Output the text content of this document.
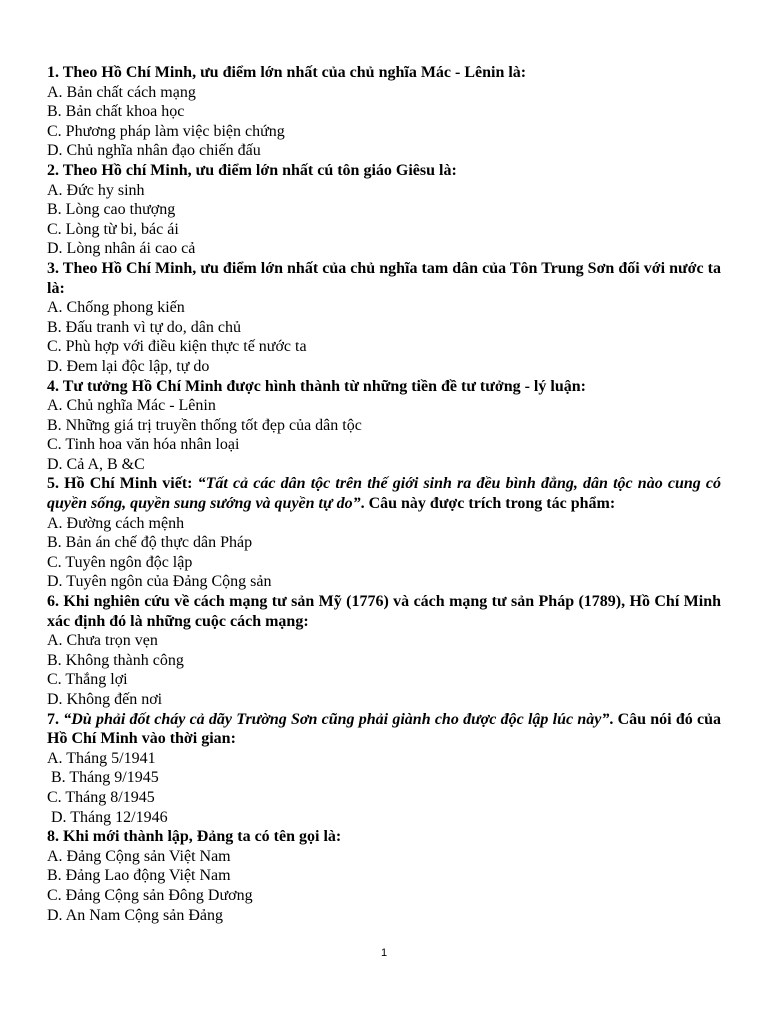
1. Theo Hồ Chí Minh, ưu điểm lớn nhất của chủ nghĩa Mác - Lênin là:
A. Bản chất cách mạng
B. Bản chất khoa học
C. Phương pháp làm việc biện chứng
D. Chủ nghĩa nhân đạo chiến đấu
2. Theo Hồ chí Minh, ưu điểm lớn nhất cú tôn giáo Giêsu là:
A. Đức hy sinh
B. Lòng cao thượng
C. Lòng từ bi, bác ái
D. Lòng nhân ái cao cả
3. Theo Hồ Chí Minh, ưu điểm lớn nhất của chủ nghĩa tam dân của Tôn Trung Sơn đối với nước ta là:
A. Chống phong kiến
B. Đấu tranh vì tự do, dân chủ
C. Phù hợp với điều kiện thực tế nước ta
D. Đem lại độc lập, tự do
4. Tư tưởng Hồ Chí Minh được hình thành từ những tiền đề tư tưởng - lý luận:
A. Chủ nghĩa Mác - Lênin
B. Những giá trị truyền thống tốt đẹp của dân tộc
C. Tinh hoa văn hóa nhân loại
D. Cả A, B &C
5. Hồ Chí Minh viết: “Tất cả các dân tộc trên thế giới sinh ra đều bình đẳng, dân tộc nào cung có quyền sống, quyền sung sướng và quyền tự do”. Câu này được trích trong tác phẩm:
A. Đường cách mệnh
B. Bản án chế độ thực dân Pháp
C. Tuyên ngôn độc lập
D. Tuyên ngôn của Đảng Cộng sản
6. Khi nghiên cứu về cách mạng tư sản Mỹ (1776) và cách mạng tư sản Pháp (1789), Hồ Chí Minh xác định đó là những cuộc cách mạng:
A. Chưa trọn vẹn
B. Không thành công
C. Thắng lợi
D. Không đến nơi
7. “Dù phải đốt cháy cả dãy Trường Sơn cũng phải giành cho được độc lập lúc này”. Câu nói đó của Hồ Chí Minh vào thời gian:
A. Tháng 5/1941
B. Tháng 9/1945
C. Tháng 8/1945
D. Tháng 12/1946
8. Khi mới thành lập, Đảng ta có tên gọi là:
A. Đảng Cộng sản Việt Nam
B. Đảng Lao động Việt Nam
C. Đảng Cộng sản Đông Dương
D. An Nam Cộng sản Đảng
1
